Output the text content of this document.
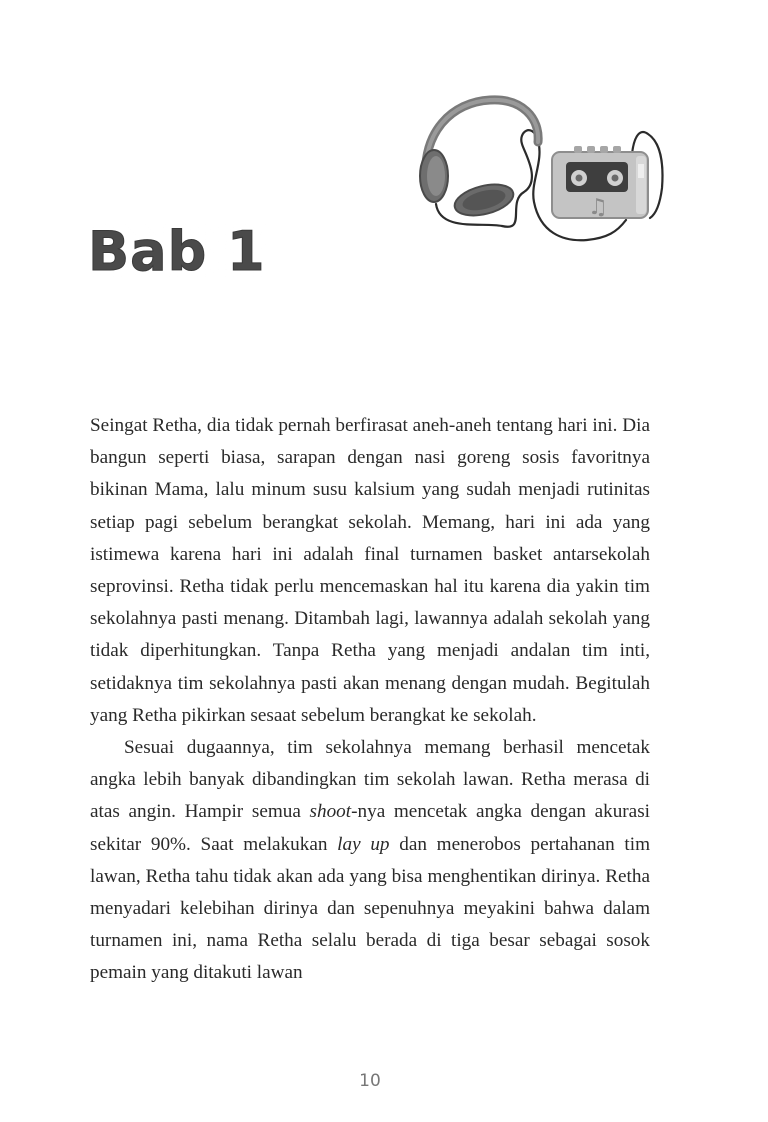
♫
Bab 1

Seingat Retha, dia tidak pernah berfirasat aneh-aneh tentang hari ini. Dia bangun seperti biasa, sarapan dengan nasi goreng sosis favoritnya bikinan Mama, lalu minum susu kalsium yang sudah menjadi rutinitas setiap pagi sebelum berangkat sekolah. Memang, hari ini ada yang istimewa karena hari ini adalah final turnamen basket antarsekolah seprovinsi. Retha tidak perlu mencemaskan hal itu karena dia yakin tim sekolahnya pasti menang. Ditambah lagi, lawannya adalah sekolah yang tidak diperhitungkan. Tanpa Retha yang menjadi andalan tim inti, setidaknya tim sekolahnya pasti akan menang dengan mudah. Begitulah yang Retha pikirkan sesaat sebelum berangkat ke sekolah.

Sesuai dugaannya, tim sekolahnya memang berhasil mencetak angka lebih banyak dibandingkan tim sekolah lawan. Retha merasa di atas angin. Hampir semua shoot-nya mencetak angka dengan akurasi sekitar 90%. Saat melakukan lay up dan menerobos pertahanan tim lawan, Retha tahu tidak akan ada yang bisa menghentikan dirinya. Retha menyadari kelebihan dirinya dan sepenuhnya meyakini bahwa dalam turnamen ini, nama Retha selalu berada di tiga besar sebagai sosok pemain yang ditakuti lawan

10
